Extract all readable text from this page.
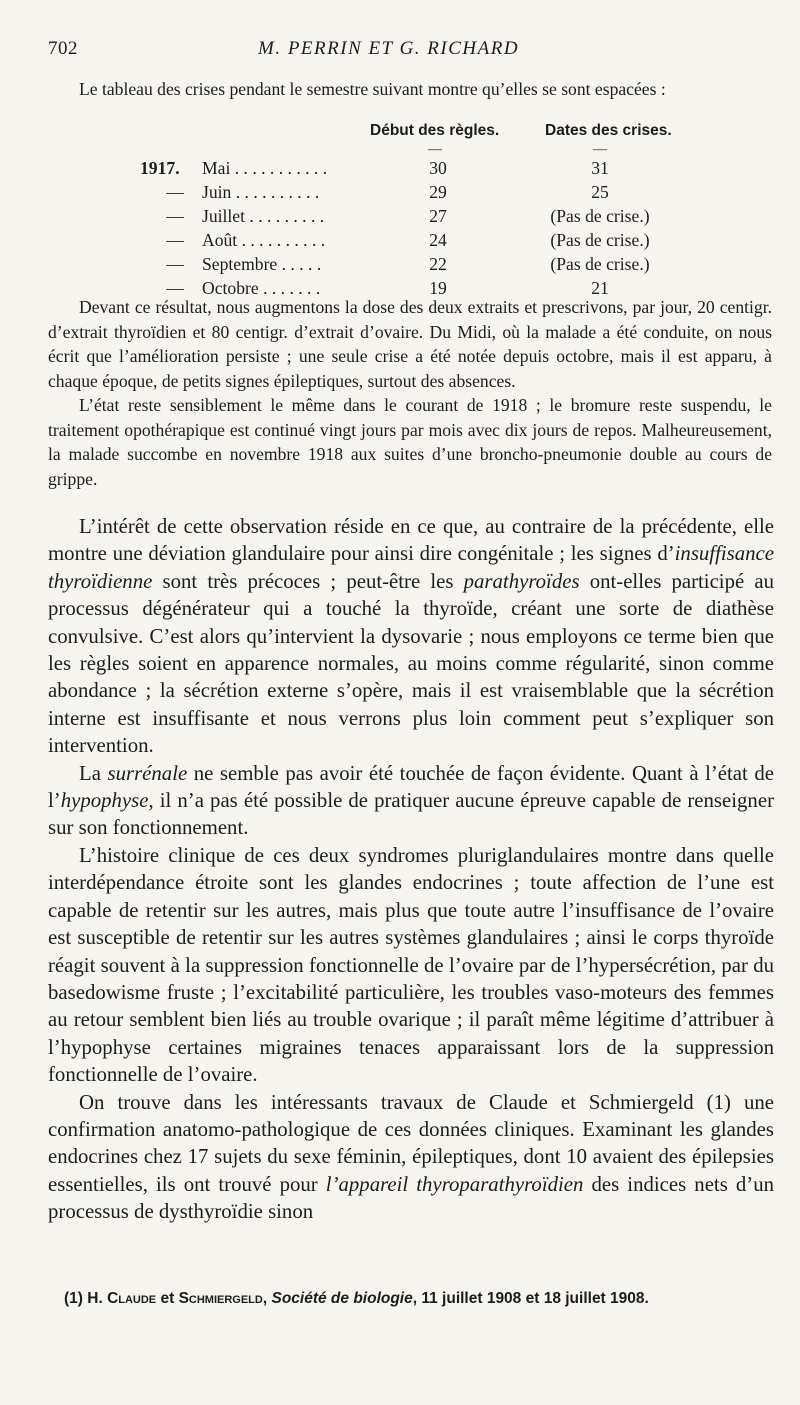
702	M. PERRIN ET G. RICHARD

Le tableau des crises pendant le semestre suivant montre qu’elles se sont espacées :

Début des règles.	Dates des crises.
—	—
1917. Mai . . . . . . . . . . .	30	31
—	Juin . . . . . . . . . .	29	25
—	Juillet . . . . . . . . .	27	(Pas de crise.)
—	Août . . . . . . . . . .	24	(Pas de crise.)
—	Septembre . . . . .	22	(Pas de crise.)
—	Octobre . . . . . . .	19	21

Devant ce résultat, nous augmentons la dose des deux extraits et prescrivons, par jour, 20 centigr. d’extrait thyroïdien et 80 centigr. d’extrait d’ovaire. Du Midi, où la malade a été conduite, on nous écrit que l’amélioration persiste ; une seule crise a été notée depuis octobre, mais il est apparu, à chaque époque, de petits signes épileptiques, surtout des absences.

L’état reste sensiblement le même dans le courant de 1918 ; le bromure reste suspendu, le traitement opothérapique est continué vingt jours par mois avec dix jours de repos. Malheureusement, la malade succombe en novembre 1918 aux suites d’une broncho-pneumonie double au cours de grippe.

L’intérêt de cette observation réside en ce que, au contraire de la précédente, elle montre une déviation glandulaire pour ainsi dire congénitale ; les signes d’insuffisance thyroïdienne sont très précoces ; peut-être les parathyroïdes ont-elles participé au processus dégénérateur qui a touché la thyroïde, créant une sorte de diathèse convulsive. C’est alors qu’intervient la dysovarie ; nous employons ce terme bien que les règles soient en apparence normales, au moins comme régularité, sinon comme abondance ; la sécrétion externe s’opère, mais il est vraisemblable que la sécrétion interne est insuffisante et nous verrons plus loin comment peut s’expliquer son intervention.

La surrénale ne semble pas avoir été touchée de façon évidente. Quant à l’état de l’hypophyse, il n’a pas été possible de pratiquer aucune épreuve capable de renseigner sur son fonctionnement.

L’histoire clinique de ces deux syndromes pluriglandulaires montre dans quelle interdépendance étroite sont les glandes endocrines ; toute affection de l’une est capable de retentir sur les autres, mais plus que toute autre l’insuffisance de l’ovaire est susceptible de retentir sur les autres systèmes glandulaires ; ainsi le corps thyroïde réagit souvent à la suppression fonctionnelle de l’ovaire par de l’hypersécrétion, par du basedowisme fruste ; l’excitabilité particulière, les troubles vaso-moteurs des femmes au retour semblent bien liés au trouble ovarique ; il paraît même légitime d’attribuer à l’hypophyse certaines migraines tenaces apparaissant lors de la suppression fonctionnelle de l’ovaire.

On trouve dans les intéressants travaux de Claude et Schmiergeld (1) une confirmation anatomo-pathologique de ces données cliniques. Examinant les glandes endocrines chez 17 sujets du sexe féminin, épileptiques, dont 10 avaient des épilepsies essentielles, ils ont trouvé pour l’appareil thyroparathyroïdien des indices nets d’un processus de dysthyroïdie sinon

(1) H. Claude et Schmiergeld, Société de biologie, 11 juillet 1908 et 18 juillet 1908.
